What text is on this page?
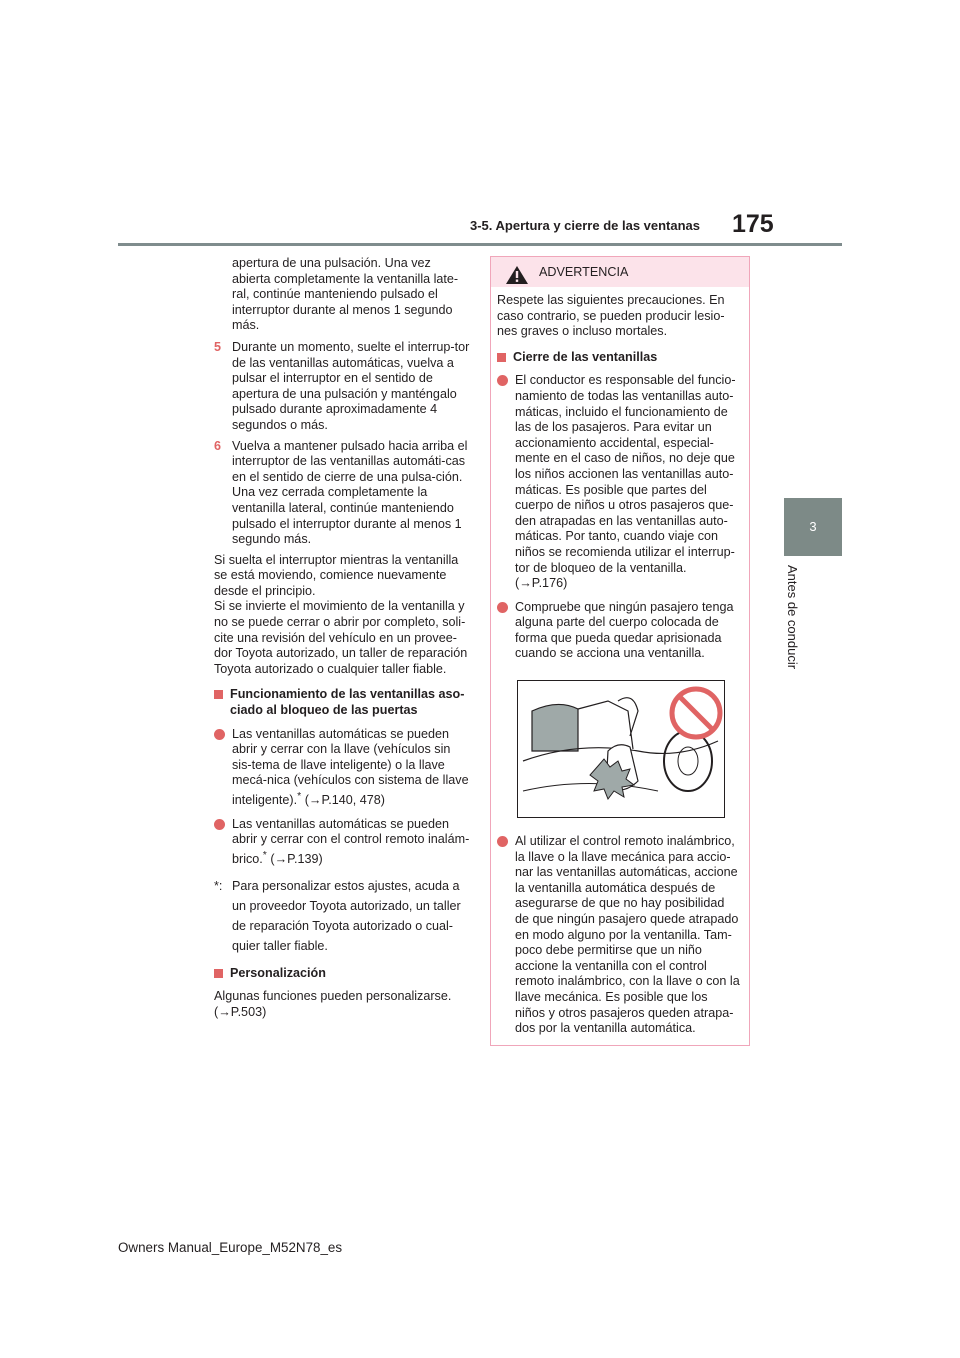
3-5. Apertura y cierre de las ventanas 175
3
Antes de conducir
apertura de una pulsación. Una vez abierta completamente la ventanilla late-ral, continúe manteniendo pulsado el interruptor durante al menos 1 segundo más.
5 Durante un momento, suelte el interrup-tor de las ventanillas automáticas, vuelva a pulsar el interruptor en el sentido de apertura de una pulsación y manténgalo pulsado durante aproximadamente 4 segundos o más.
6 Vuelva a mantener pulsado hacia arriba el interruptor de las ventanillas automáti-cas en el sentido de cierre de una pulsa-ción. Una vez cerrada completamente la ventanilla lateral, continúe manteniendo pulsado el interruptor durante al menos 1 segundo más.

Si suelta el interruptor mientras la ventanilla se está moviendo, comience nuevamente desde el principio.

Si se invierte el movimiento de la ventanilla y no se puede cerrar o abrir por completo, soli-cite una revisión del vehículo en un provee-dor Toyota autorizado, un taller de reparación Toyota autorizado o cualquier taller fiable.

Funcionamiento de las ventanillas aso-ciado al bloqueo de las puertas
Las ventanillas automáticas se pueden abrir y cerrar con la llave (vehículos sin sis-tema de llave inteligente) o la llave mecá-nica (vehículos con sistema de llave inteligente).* (→P.140, 478)
Las ventanillas automáticas se pueden abrir y cerrar con el control remoto inalám-brico.* (→P.139)
*: Para personalizar estos ajustes, acuda a un proveedor Toyota autorizado, un taller de reparación Toyota autorizado o cual-quier taller fiable.
Personalización

Algunas funciones pueden personalizarse. (→P.503)

ADVERTENCIA

Respete las siguientes precauciones. En caso contrario, se pueden producir lesio-nes graves o incluso mortales.

Cierre de las ventanillas
El conductor es responsable del funcio-namiento de todas las ventanillas auto-máticas, incluido el funcionamiento de las de los pasajeros. Para evitar un accionamiento accidental, especial-mente en el caso de niños, no deje que los niños accionen las ventanillas auto-máticas. Es posible que partes del cuerpo de niños u otros pasajeros que-den atrapadas en las ventanillas auto-máticas. Por tanto, cuando viaje con niños se recomienda utilizar el interrup-tor de bloqueo de la ventanilla. (→P.176)
Compruebe que ningún pasajero tenga alguna parte del cuerpo colocada de forma que pueda quedar aprisionada cuando se acciona una ventanilla.
Al utilizar el control remoto inalámbrico, la llave o la llave mecánica para accio-nar las ventanillas automáticas, accione la ventanilla automática después de asegurarse de que no hay posibilidad de que ningún pasajero quede atrapado en modo alguno por la ventanilla. Tam-poco debe permitirse que un niño accione la ventanilla con el control remoto inalámbrico, con la llave o con la llave mecánica. Es posible que los niños y otros pasajeros queden atrapa-dos por la ventanilla automática.
Owners Manual_Europe_M52N78_es
